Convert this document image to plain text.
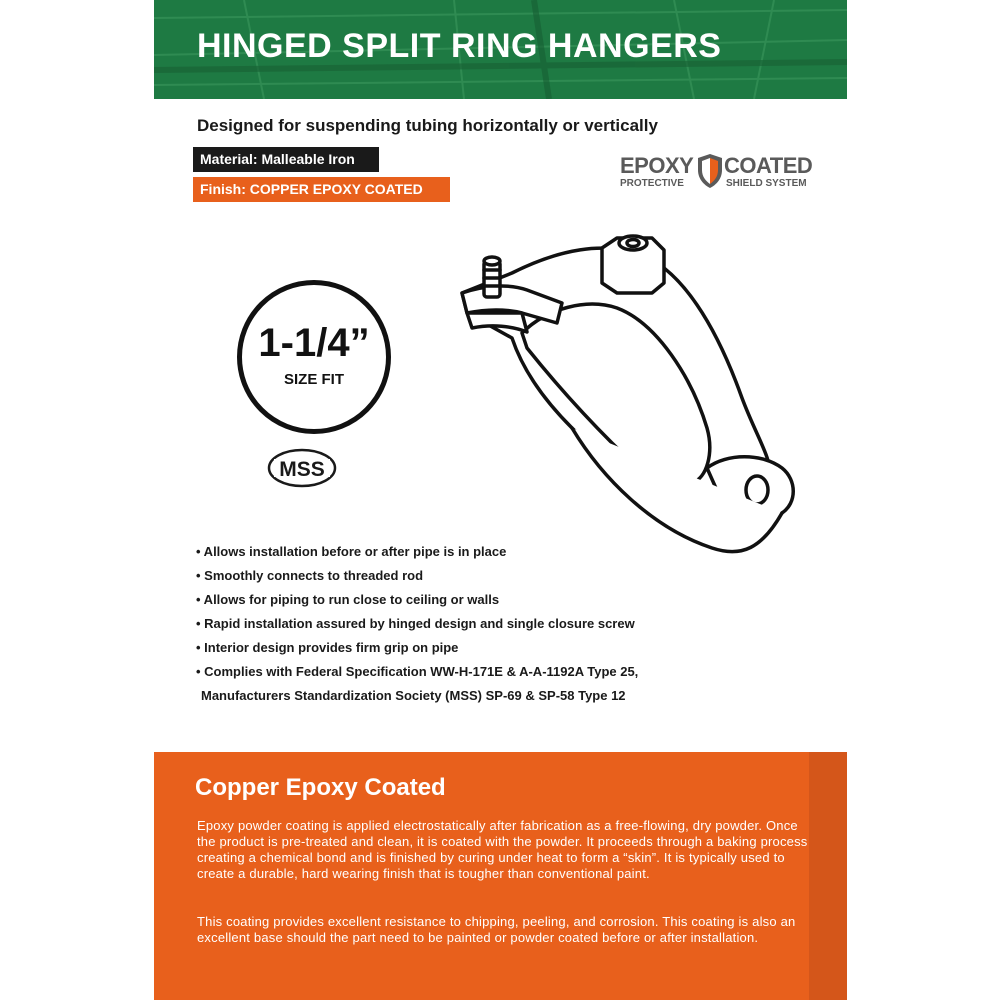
HINGED SPLIT RING HANGERS

Designed for suspending tubing horizontally or vertically

Material: Malleable Iron
Finish: COPPER EPOXY COATED
EPOXY COATED
PROTECTIVE	SHIELD SYSTEM
1-1/4”
SIZE FIT
MSS
• Allows installation before or after pipe is in place
• Smoothly connects to threaded rod
• Allows for piping to run close to ceiling or walls
• Rapid installation assured by hinged design and single closure screw
• Interior design provides firm grip on pipe
• Complies with Federal Specification WW-H-171E & A-A-1192A Type 25,
Manufacturers Standardization Society (MSS) SP-69 & SP-58 Type 12
Copper Epoxy Coated

Epoxy powder coating is applied electrostatically after fabrication as a free-flowing, dry powder. Once the product is pre-treated and clean, it is coated with the powder. It proceeds through a baking process creating a chemical bond and is finished by curing under heat to form a “skin”. It is typically used to create a durable, hard wearing finish that is tougher than conventional paint.

This coating provides excellent resistance to chipping, peeling, and corrosion. This coating is also an excellent base should the part need to be painted or powder coated before or after installation.
